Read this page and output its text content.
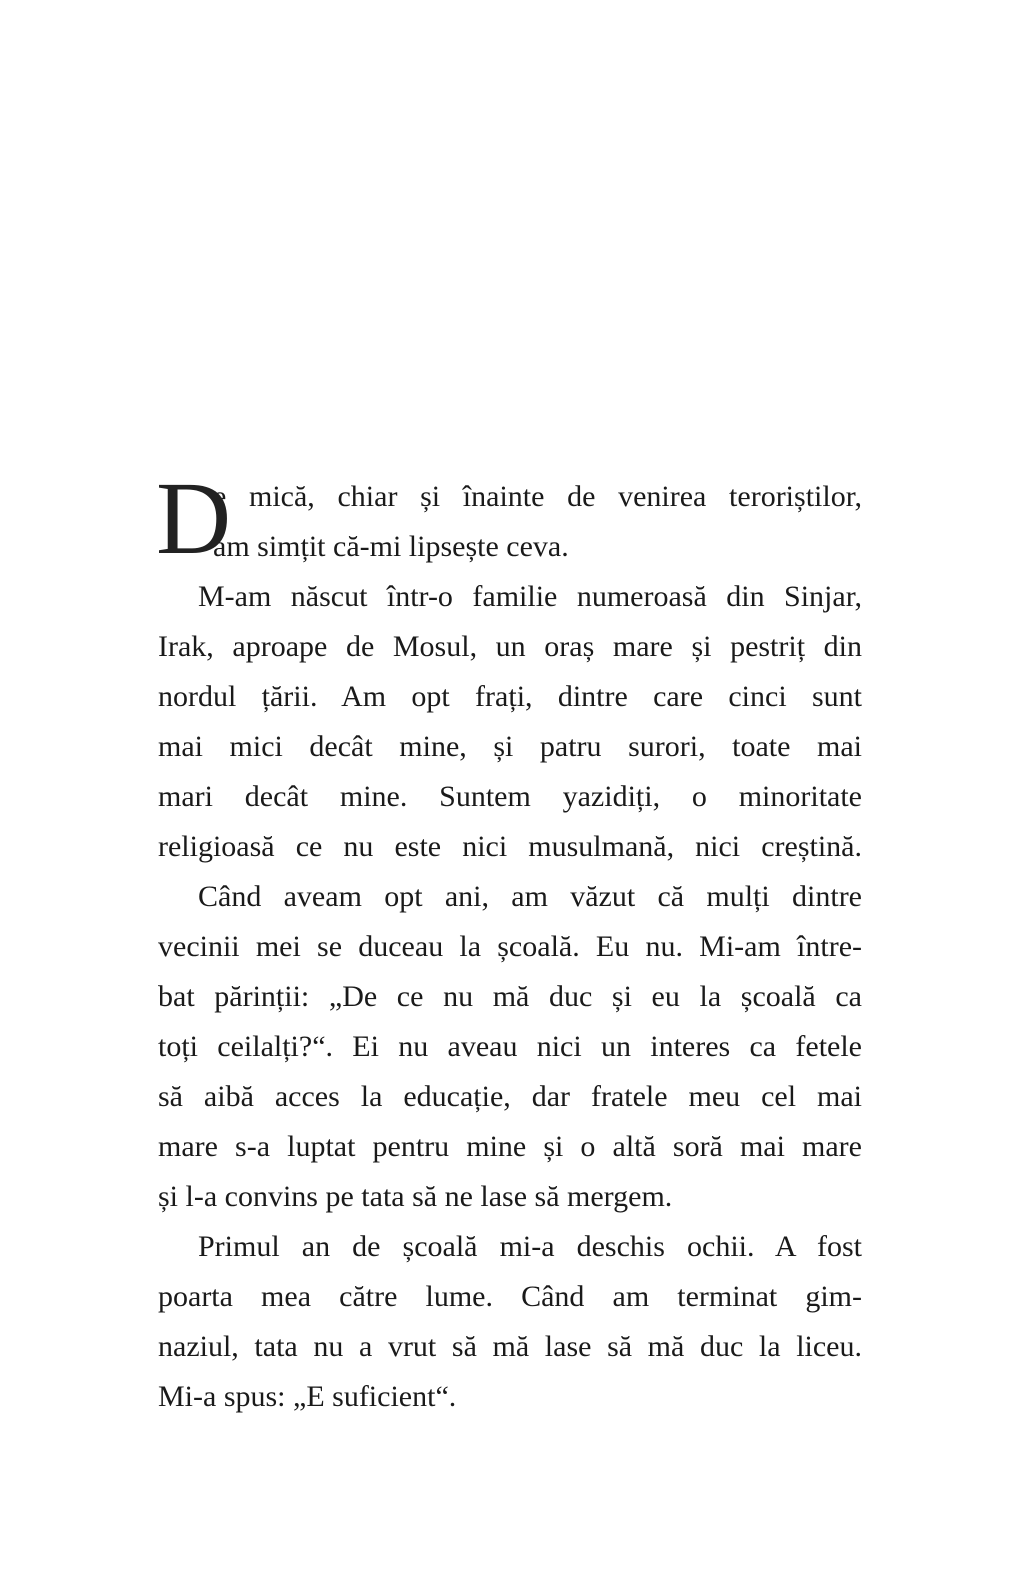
D
e mică, chiar și înainte de venirea teroriștilor,
am simțit că-mi lipsește ceva.
M-am născut într-o familie numeroasă din Sinjar,
Irak, aproape de Mosul, un oraș mare și pestriț din
nordul țării. Am opt frați, dintre care cinci sunt
mai mici decât mine, și patru surori, toate mai
mari decât mine. Suntem yazidiți, o minoritate
religioasă ce nu este nici musulmană, nici creștină.
Când aveam opt ani, am văzut că mulți dintre
vecinii mei se duceau la școală. Eu nu. Mi-am între-
bat părinții: „De ce nu mă duc și eu la școală ca
toți ceilalți?“. Ei nu aveau nici un interes ca fetele
să aibă acces la educație, dar fratele meu cel mai
mare s-a luptat pentru mine și o altă soră mai mare
și l-a convins pe tata să ne lase să mergem.
Primul an de școală mi-a deschis ochii. A fost
poarta mea către lume. Când am terminat gim-
naziul, tata nu a vrut să mă lase să mă duc la liceu.
Mi-a spus: „E suficient“.
